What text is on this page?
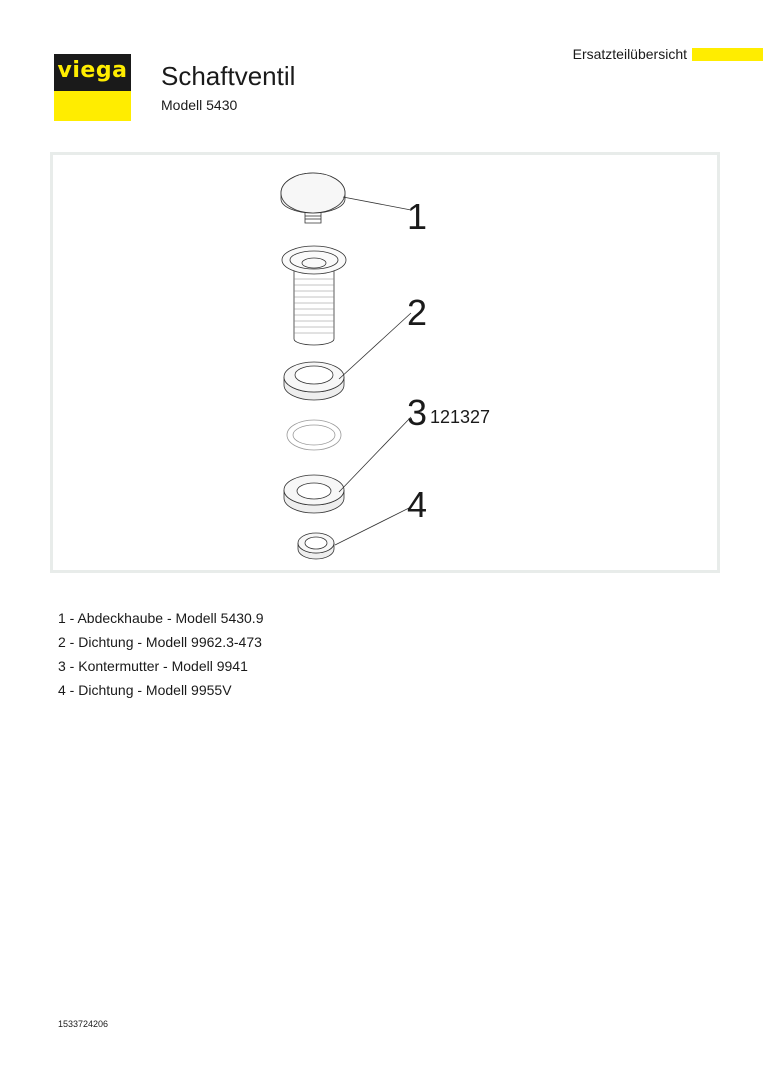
viega Schaftventil
Modell 5430
Ersatzteilübersicht
1
2
3 121327
4
1 - Abdeckhaube - Modell 5430.9
2 - Dichtung - Modell 9962.3-473
3 - Kontermutter - Modell 9941
4 - Dichtung - Modell 9955V
1533724206
